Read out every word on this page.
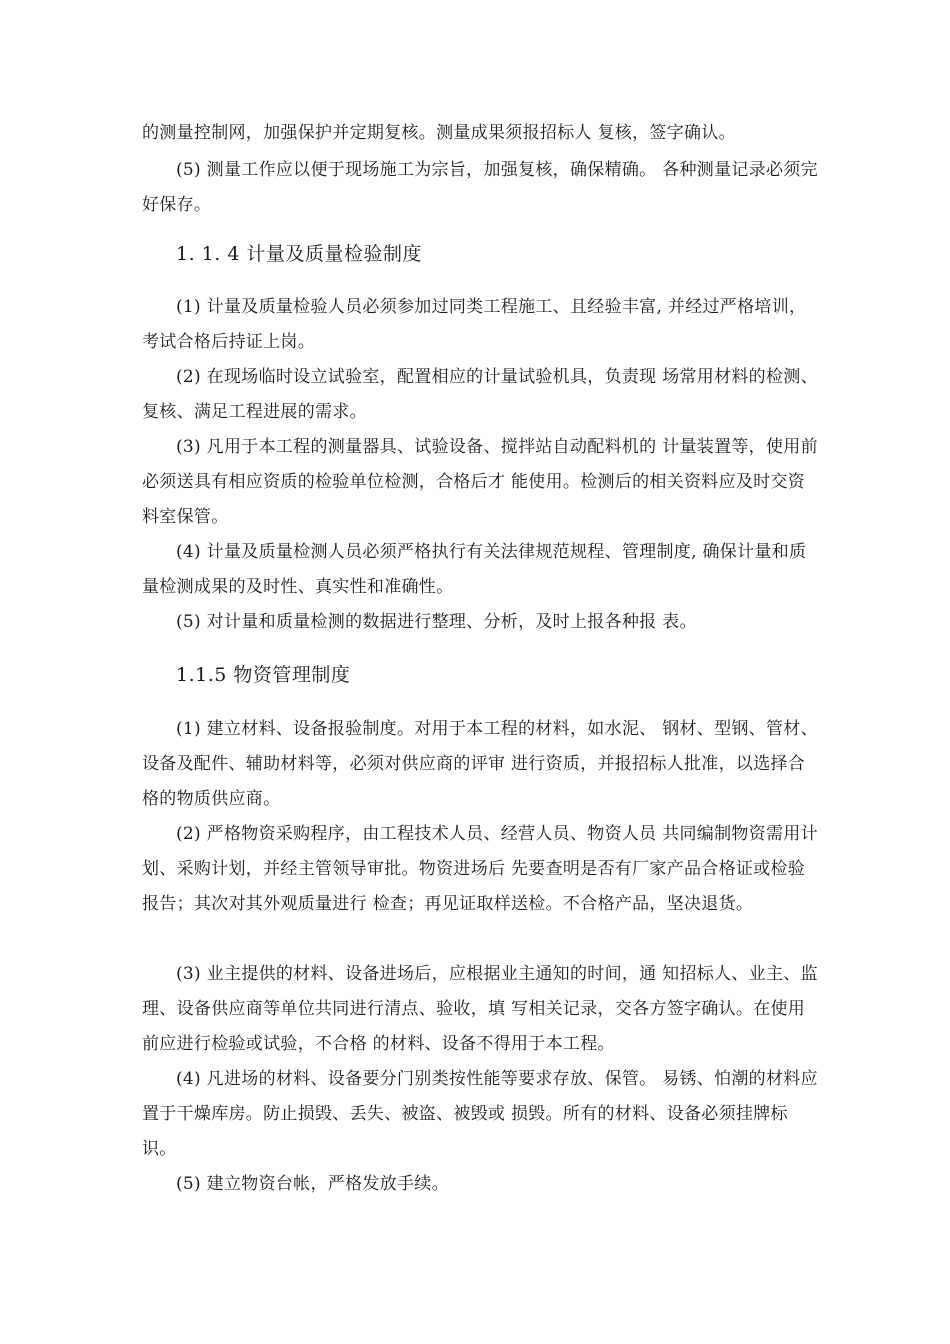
的测量控制网，加强保护并定期复核。测量成果须报招标人 复核，签字确认。

(5) 测量工作应以便于现场施工为宗旨，加强复核，确保精确。 各种测量记录必须完好保存。

1. 1. 4 计量及质量检验制度

(1) 计量及质量检验人员必须参加过同类工程施工、且经验丰富, 并经过严格培训，考试合格后持证上岗。

(2) 在现场临时设立试验室，配置相应的计量试验机具，负责现 场常用材料的检测、复核、满足工程进展的需求。

(3) 凡用于本工程的测量器具、试验设备、搅拌站自动配料机的 计量装置等，使用前必须送具有相应资质的检验单位检测，合格后才 能使用。检测后的相关资料应及时交资料室保管。

(4) 计量及质量检测人员必须严格执行有关法律规范规程、管理制度, 确保计量和质量检测成果的及时性、真实性和准确性。

(5) 对计量和质量检测的数据进行整理、分析，及时上报各种报 表。

1.1.5 物资管理制度

(1) 建立材料、设备报验制度。对用于本工程的材料，如水泥、 钢材、型钢、管材、设备及配件、辅助材料等，必须对供应商的评审 进行资质，并报招标人批准，以选择合格的物质供应商。

(2) 严格物资采购程序，由工程技术人员、经营人员、物资人员 共同编制物资需用计划、采购计划，并经主管领导审批。物资进场后 先要查明是否有厂家产品合格证或检验报告；其次对其外观质量进行 检查；再见证取样送检。不合格产品，坚决退货。

(3) 业主提供的材料、设备进场后，应根据业主通知的时间，通 知招标人、业主、监理、设备供应商等单位共同进行清点、验收，填 写相关记录，交各方签字确认。在使用前应进行检验或试验，不合格 的材料、设备不得用于本工程。

(4) 凡进场的材料、设备要分门别类按性能等要求存放、保管。 易锈、怕潮的材料应置于干燥库房。防止损毁、丢失、被盗、被毁或 损毁。所有的材料、设备必须挂牌标识。

(5) 建立物资台帐，严格发放手续。
